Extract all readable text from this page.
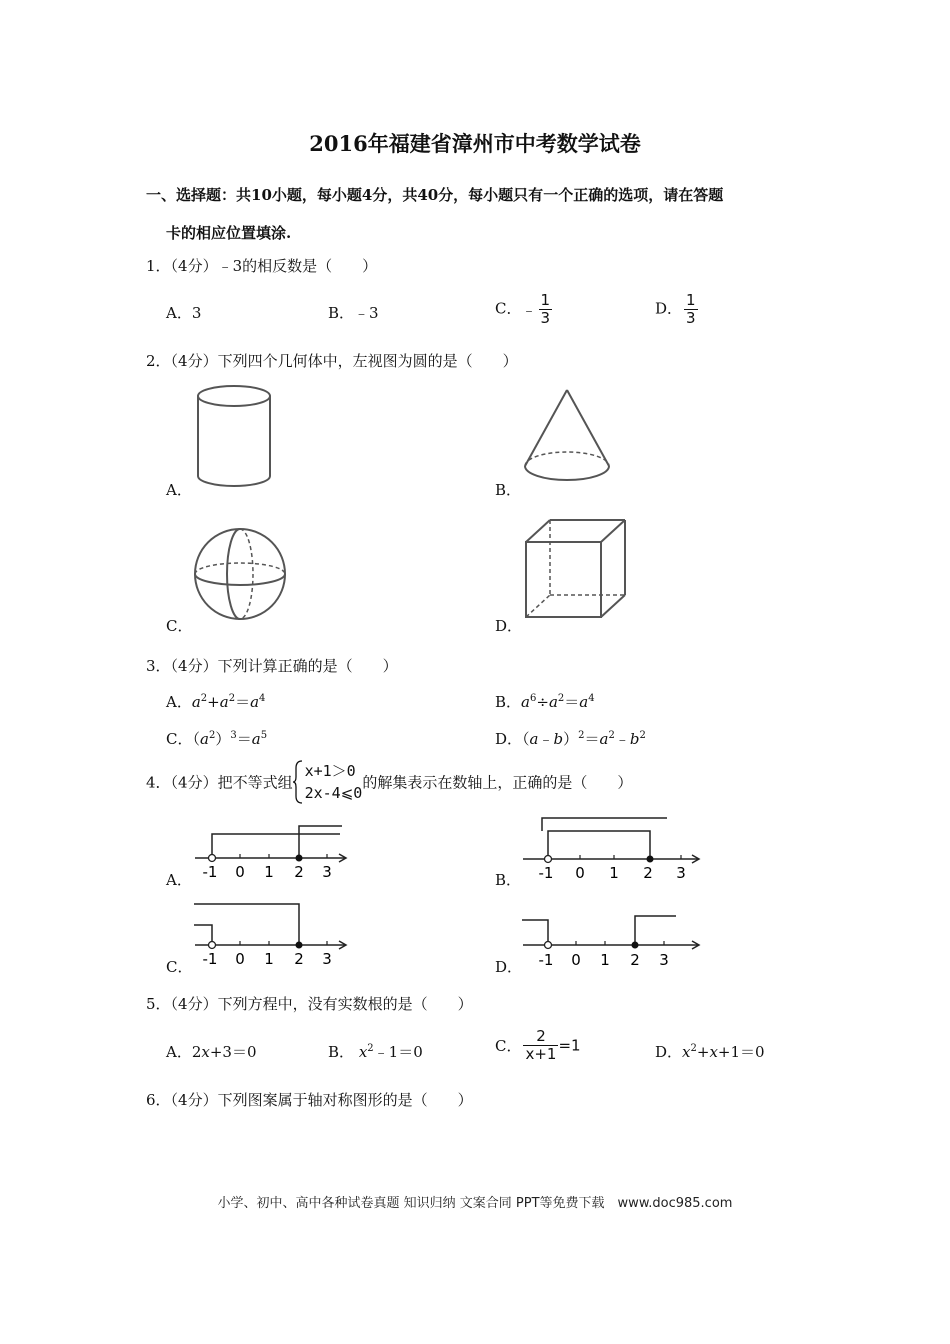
2016年福建省漳州市中考数学试卷
一、选择题：共10小题，每小题4分，共40分，每小题只有一个正确的选项，请在答题
卡的相应位置填涂.
1．（4分）﹣3的相反数是（　　）
A．3	B．﹣3	C．﹣ $\frac{1}{3}$	D． $\frac{1}{3}$
2．（4分）下列四个几何体中，左视图为圆的是（　　）
A．	B．
C．	D．
3．（4分）下列计算正确的是（　　）
A．$a^2+a^2=a^4$	B．$a^6\div a^2=a^4$
C．$(a^2)^3=a^5$	D．$(a﹣b)^2=a^2﹣b^2$
4．（4分）把不等式组
x+1＞0
2x-4⩽0
的解集表示在数轴上，正确的是（　　）
A． -1 0 1 2 3	B． -1 0 1 2 3
C． -1 0 1 2 3	D． -1 0 1 2 3
5．（4分）下列方程中，没有实数根的是（　　）
A．2x+3＝0	B． $x^2﹣1=0$	C． $\frac{2}{x+1} =1$	D．$x^2+x+1=0$
6．（4分）下列图案属于轴对称图形的是（　　）
小学、初中、高中各种试卷真题 知识归纳 文案合同 PPT等免费下载　www.doc985.com
